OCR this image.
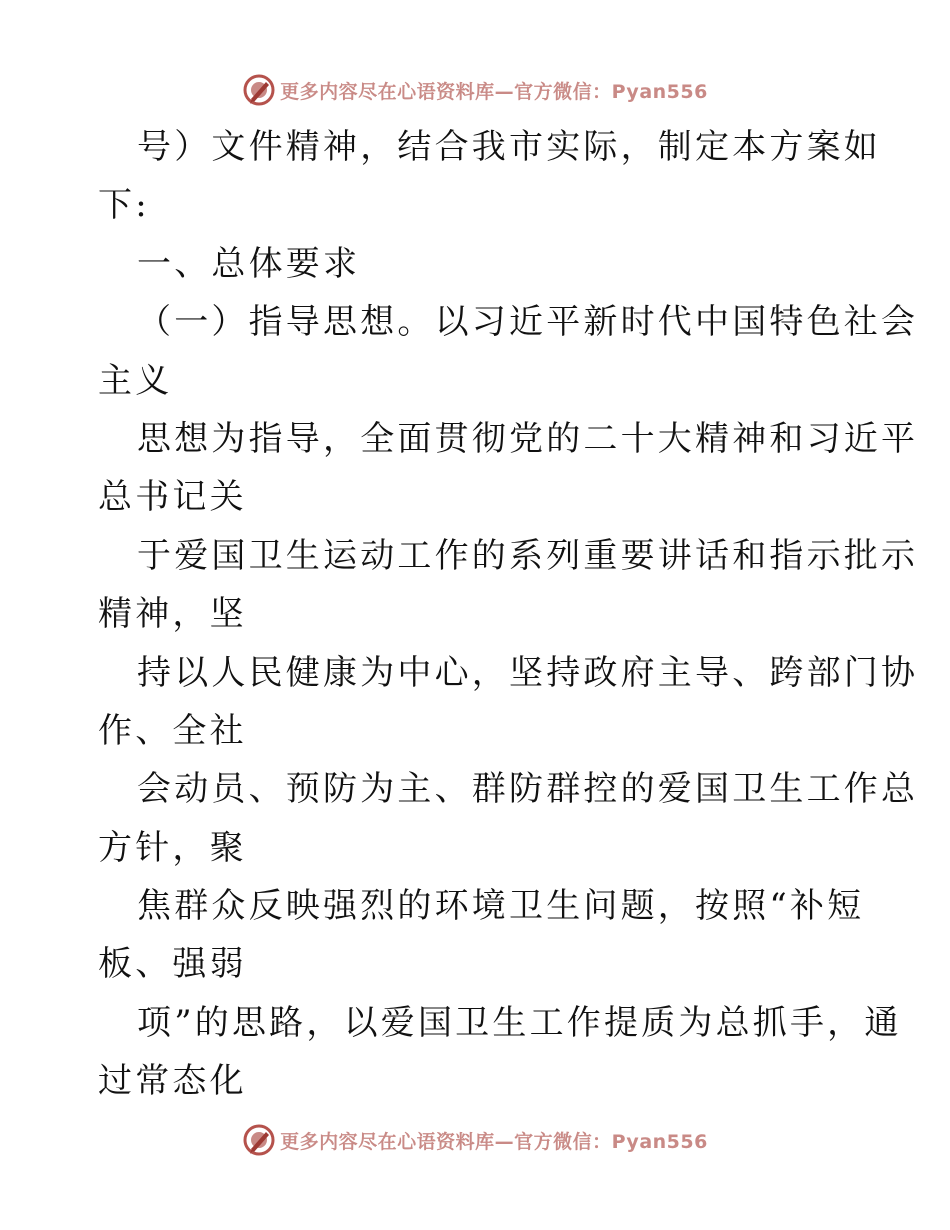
更多内容尽在心语资料库—官方微信：Pyan556
号）文件精神，结合我市实际，制定本方案如
下:
一、总体要求
（一）指导思想。以习近平新时代中国特色社会
主义
思想为指导，全面贯彻党的二十大精神和习近平
总书记关
于爱国卫生运动工作的系列重要讲话和指示批示
精神，坚
持以人民健康为中心，坚持政府主导、跨部门协
作、全社
会动员、预防为主、群防群控的爱国卫生工作总
方针，聚
焦群众反映强烈的环境卫生问题，按照“补短
板、强弱
项”的思路，以爱国卫生工作提质为总抓手，通
过常态化
更多内容尽在心语资料库—官方微信：Pyan556
